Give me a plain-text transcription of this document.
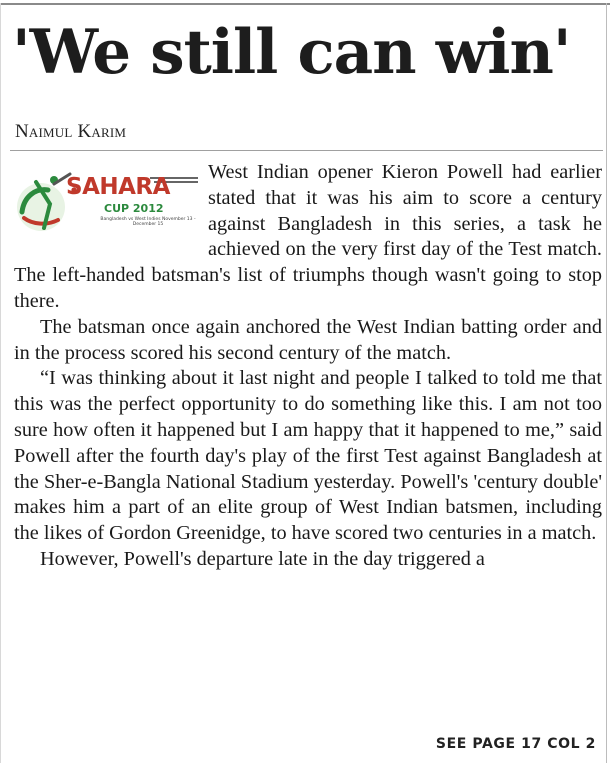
'We still can win'
Naimul Karim

SAHARA
CUP 2012
Bangladesh vs West Indies November 13 - December 15
West Indian opener Kieron Powell had earlier stated that it was his aim to score a century against Bangladesh in this series, a task he achieved on the very first day of the Test match. The left-handed batsman's list of triumphs though wasn't going to stop there.

The batsman once again anchored the West Indian batting order and in the process scored his second century of the match.

“I was thinking about it last night and people I talked to told me that this was the perfect opportunity to do something like this. I am not too sure how often it happened but I am happy that it happened to me,” said Powell after the fourth day's play of the first Test against Bangladesh at the Sher-e-Bangla National Stadium yesterday. Powell's 'century double' makes him a part of an elite group of West Indian batsmen, including the likes of Gordon Greenidge, to have scored two centuries in a match.

However, Powell's departure late in the day triggered a

SEE PAGE 17 COL 2
